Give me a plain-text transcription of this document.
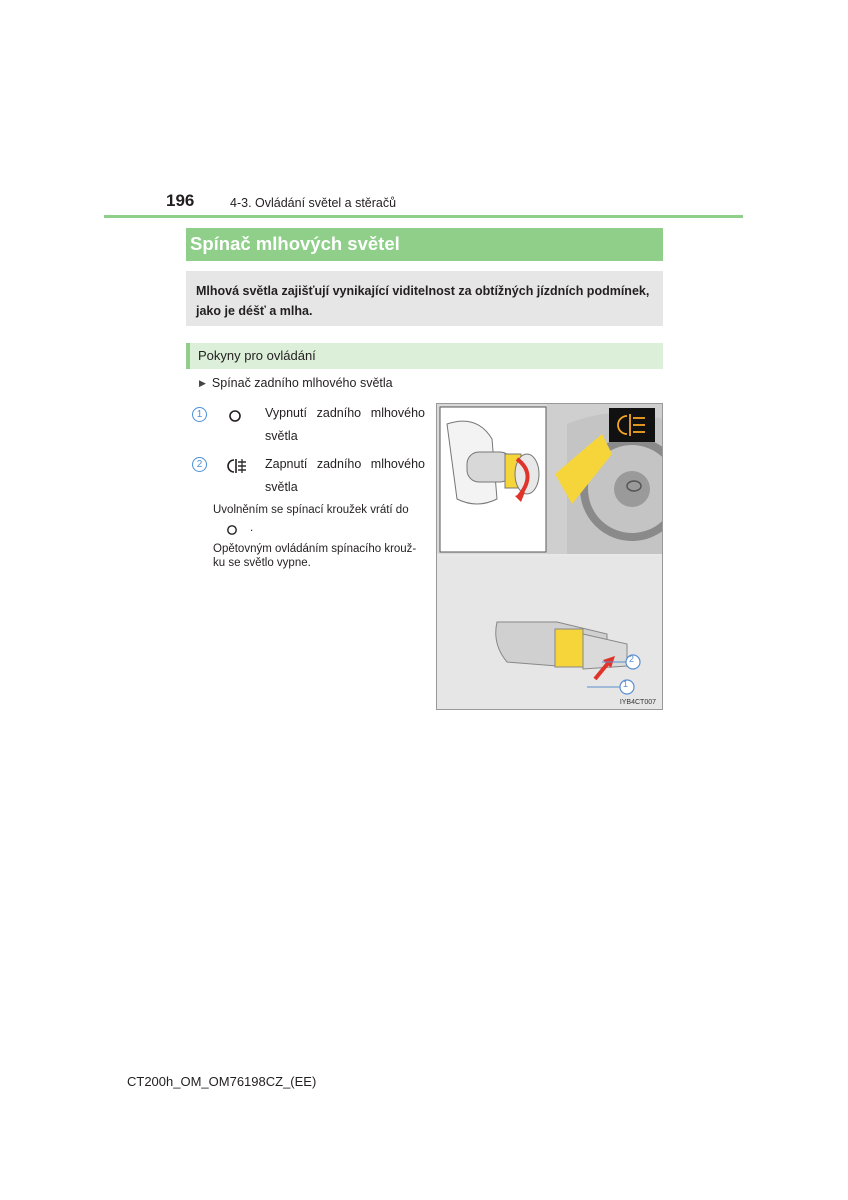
196	4-3. Ovládání světel a stěračů
Spínač mlhových světel
Mlhová světla zajišťují vynikající viditelnost za obtížných jízdních podmínek, jako je déšť a mlha.
Pokyny pro ovládání
▶ Spínač zadního mlhového světla
1	Vypnutí zadního mlhového světla
2	Zapnutí zadního mlhového světla
Uvolněním se spínací kroužek vrátí do
.
Opětovným ovládáním spínacího krouž-
ku se světlo vypne.
1
2
IYB4CT007
CT200h_OM_OM76198CZ_(EE)
